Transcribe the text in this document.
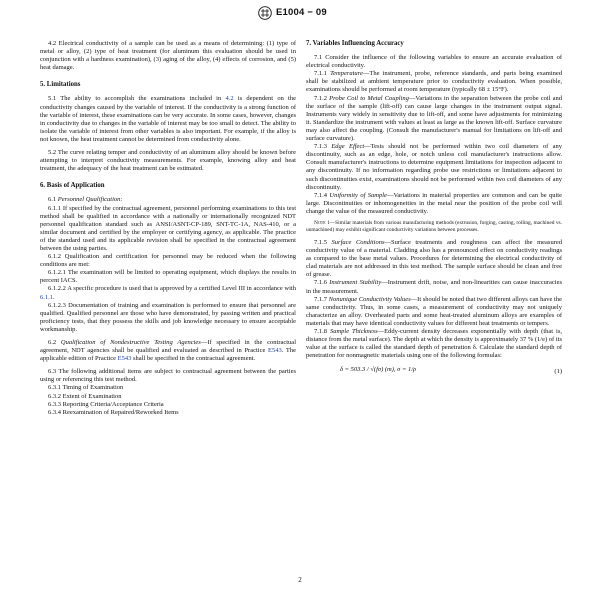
E1004 − 09

4.2 Electrical conductivity of a sample can be used as a means of determining: (1) type of metal or alloy, (2) type of heat treatment (for aluminum this evaluation should be used in conjunction with a hardness examination), (3) aging of the alloy, (4) effects of corrosion, and (5) heat damage.

5. Limitations

5.1 The ability to accomplish the examinations included in 4.2 is dependent on the conductivity changes caused by the variable of interest. If the conductivity is a strong function of the variable of interest, these examinations can be very accurate. In some cases, however, changes in conductivity due to changes in the variable of interest may be too small to detect. The ability to isolate the variable of interest from other variables is also important. For example, if the alloy is not known, the heat treatment cannot be determined from conductivity alone.

5.2 The curve relating temper and conductivity of an aluminum alloy should be known before attempting to interpret conductivity measurements. For example, knowing alloy and heat treatment, the adequacy of the heat treatment can be estimated.

6. Basis of Application

6.1 Personnel Qualification:

6.1.1 If specified by the contractual agreement, personnel performing examinations to this test method shall be qualified in accordance with a nationally or internationally recognized NDT personnel qualification standard such as ANSI/ASNT-CP-189, SNT-TC-1A, NAS-410, or a similar document and certified by the employer or certifying agency, as applicable. The practice of the standard used and its applicable revision shall be specified in the contractual agreement between the using parties.

6.1.2 Qualification and certification for personnel may be reduced when the following conditions are met:

6.1.2.1 The examination will be limited to operating equipment, which displays the results in percent IACS.

6.1.2.2 A specific procedure is used that is approved by a certified Level III in accordance with 6.1.1.

6.1.2.3 Documentation of training and examination is performed to ensure that personnel are qualified. Qualified personnel are those who have demonstrated, by passing written and practical proficiency tests, that they possess the skills and job knowledge necessary to ensure acceptable workmanship.

6.2 Qualification of Nondestructive Testing Agencies—If specified in the contractual agreement, NDT agencies shall be qualified and evaluated as described in Practice E543. The applicable edition of Practice E543 shall be specified in the contractual agreement.

6.3 The following additional items are subject to contractual agreement between the parties using or referencing this test method.

6.3.1 Timing of Examination

6.3.2 Extent of Examination

6.3.3 Reporting Criteria/Acceptance Criteria

6.3.4 Reexamination of Repaired/Reworked Items

7. Variables Influencing Accuracy

7.1 Consider the influence of the following variables to ensure an accurate evaluation of electrical conductivity.

7.1.1 Temperature—The instrument, probe, reference standards, and parts being examined shall be stabilized at ambient temperature prior to conductivity evaluation. When possible, examinations should be performed at room temperature (typically 68 ± 15°F).

7.1.2 Probe Coil to Metal Coupling—Variations in the separation between the probe coil and the surface of the sample (lift-off) can cause large changes in the instrument output signal. Instruments vary widely in sensitivity due to lift-off, and some have adjustments for minimizing it. Standardize the instrument with values at least as large as the known lift-off. Surface curvature may also affect the coupling. (Consult the manufacturer's manual for limitations on lift-off and surface curvature).

7.1.3 Edge Effect—Tests should not be performed within two coil diameters of any discontinuity, such as an edge, hole, or notch unless coil manufacturer's instructions allow. Consult manufacturer's instructions to determine equipment limitations for inspection adjacent to any discontinuity. If no information regarding probe use restrictions or limitations adjacent to such discontinuities exist, examinations should not be performed within two coil diameters of any discontinuity.

7.1.4 Uniformity of Sample—Variations in material properties are common and can be quite large. Discontinuities or inhomogeneities in the metal near the position of the probe coil will change the value of the measured conductivity.

Note 1—Similar materials from various manufacturing methods (extrusion, forging, casting, rolling, machined vs. unmachined) may exhibit significant conductivity variations between processes.

7.1.5 Surface Conditions—Surface treatments and roughness can affect the measured conductivity value of a material. Cladding also has a pronounced effect on conductivity readings as compared to the base metal values. Procedures for determining the electrical conductivity of clad materials are not addressed in this test method. The sample surface should be clean and free of grease.

7.1.6 Instrument Stability—Instrument drift, noise, and non-linearities can cause inaccuracies in the measurement.

7.1.7 Nonunique Conductivity Values—It should be noted that two different alloys can have the same conductivity. Thus, in some cases, a measurement of conductivity may not uniquely characterize an alloy. Overheated parts and some heat-treated aluminum alloys are examples of materials that may have identical conductivity values for different heat treatments or tempers.

7.1.8 Sample Thickness—Eddy-current density decreases exponentially with depth (that is, distance from the metal surface). The depth at which the density is approximately 37 % (1/e) of its value at the surface is called the standard depth of penetration δ. Calculate the standard depth of penetration for nonmagnetic materials using one of the following formulas:

δ = 503.3 / √(fσ) (m), σ = 1/ρ	(1)
2
